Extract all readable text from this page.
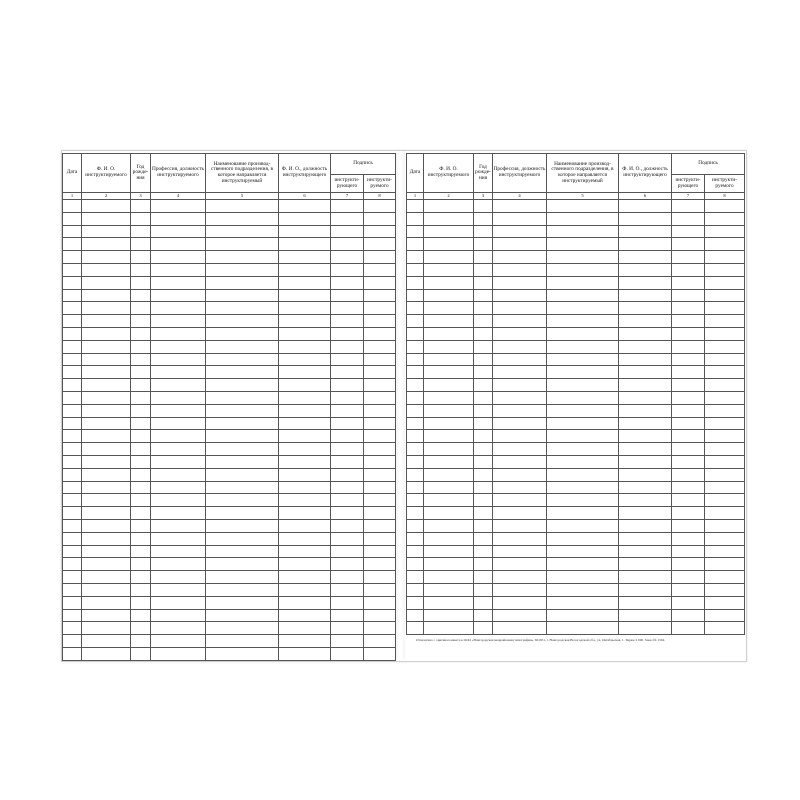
Дата	Ф. И. О. инструктируемого	Год рожде-ния	Профессия, должность инструктируемого	Наименование производ-ственного подразделения, в которое направляется инструктируемый	Ф. И. О., должность инструктирующего	Подпись	
						инструкти-рующего	инструкти-руемого
1	2	3	4	5	6	7	8

Дата	Ф. И. О. инструктируемого	Год рожде-ния	Профессия, должность инструктируемого	Наименование производ-ственного подразделения, в которое направляется инструктируемый	Ф. И. О., должность инструктирующего	Подпись	
						инструкти-рующего	инструкти-руемого
1	2	3	4	5	6	7	8

Отпечатано с оригинал-макета в ООО «Новгородская межрайонная типография», 601651, г. Новгородская Вологодской обл., ул. Октябрьская, 1. Тираж 2 000. Заказ № 1304.
